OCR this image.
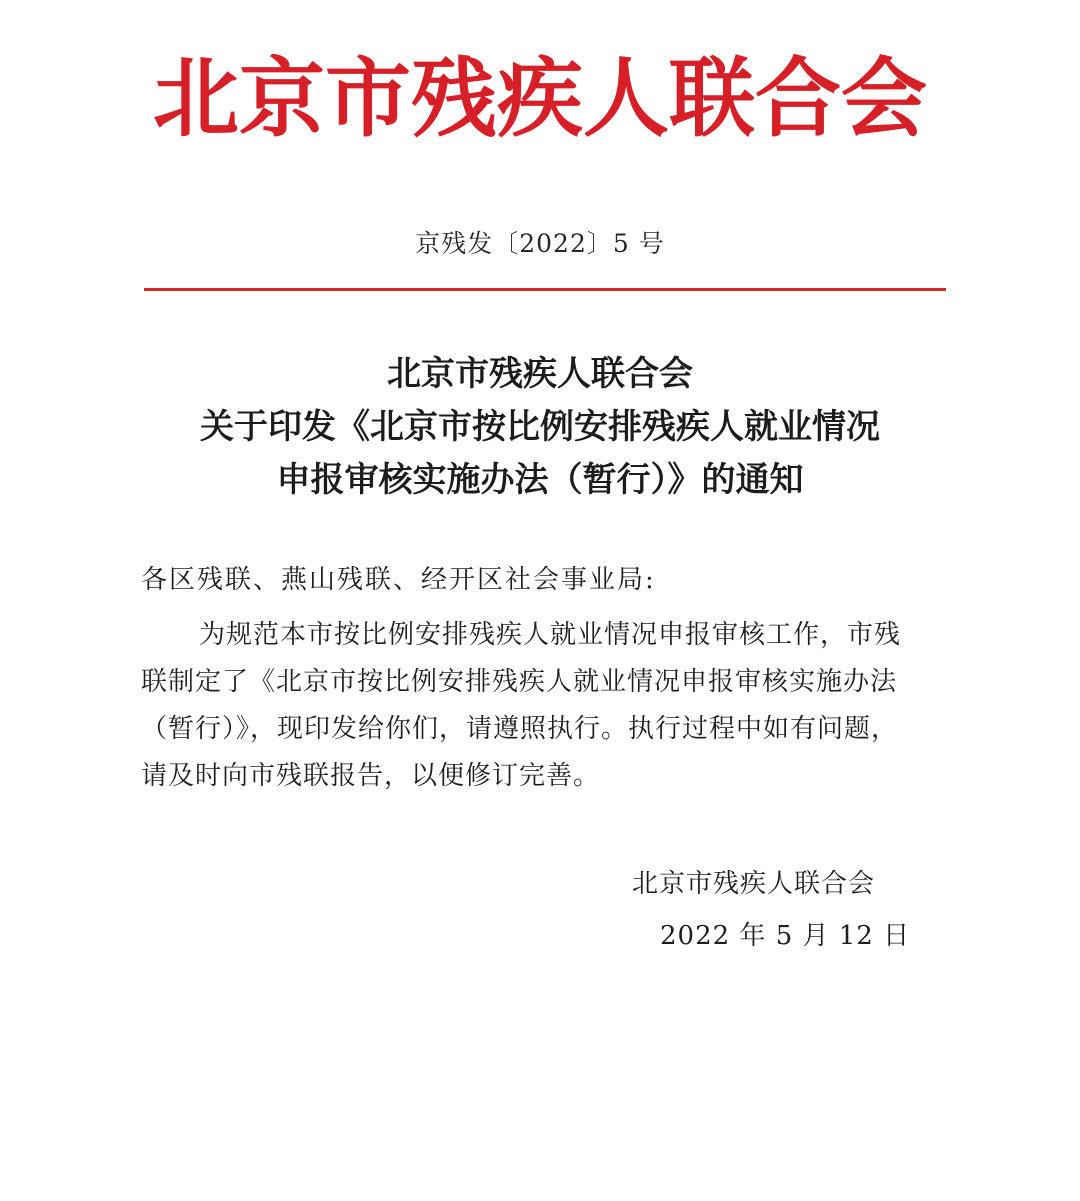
北京市残疾人联合会
京残发〔2022〕5 号
北京市残疾人联合会
关于印发《北京市按比例安排残疾人就业情况
申报审核实施办法（暂行）》的通知
各区残联、燕山残联、经开区社会事业局:
为规范本市按比例安排残疾人就业情况申报审核工作，市残
联制定了《北京市按比例安排残疾人就业情况申报审核实施办法
（暂行）》，现印发给你们，请遵照执行。执行过程中如有问题，
请及时向市残联报告，以便修订完善。
北京市残疾人联合会
2022 年 5 月 12 日
